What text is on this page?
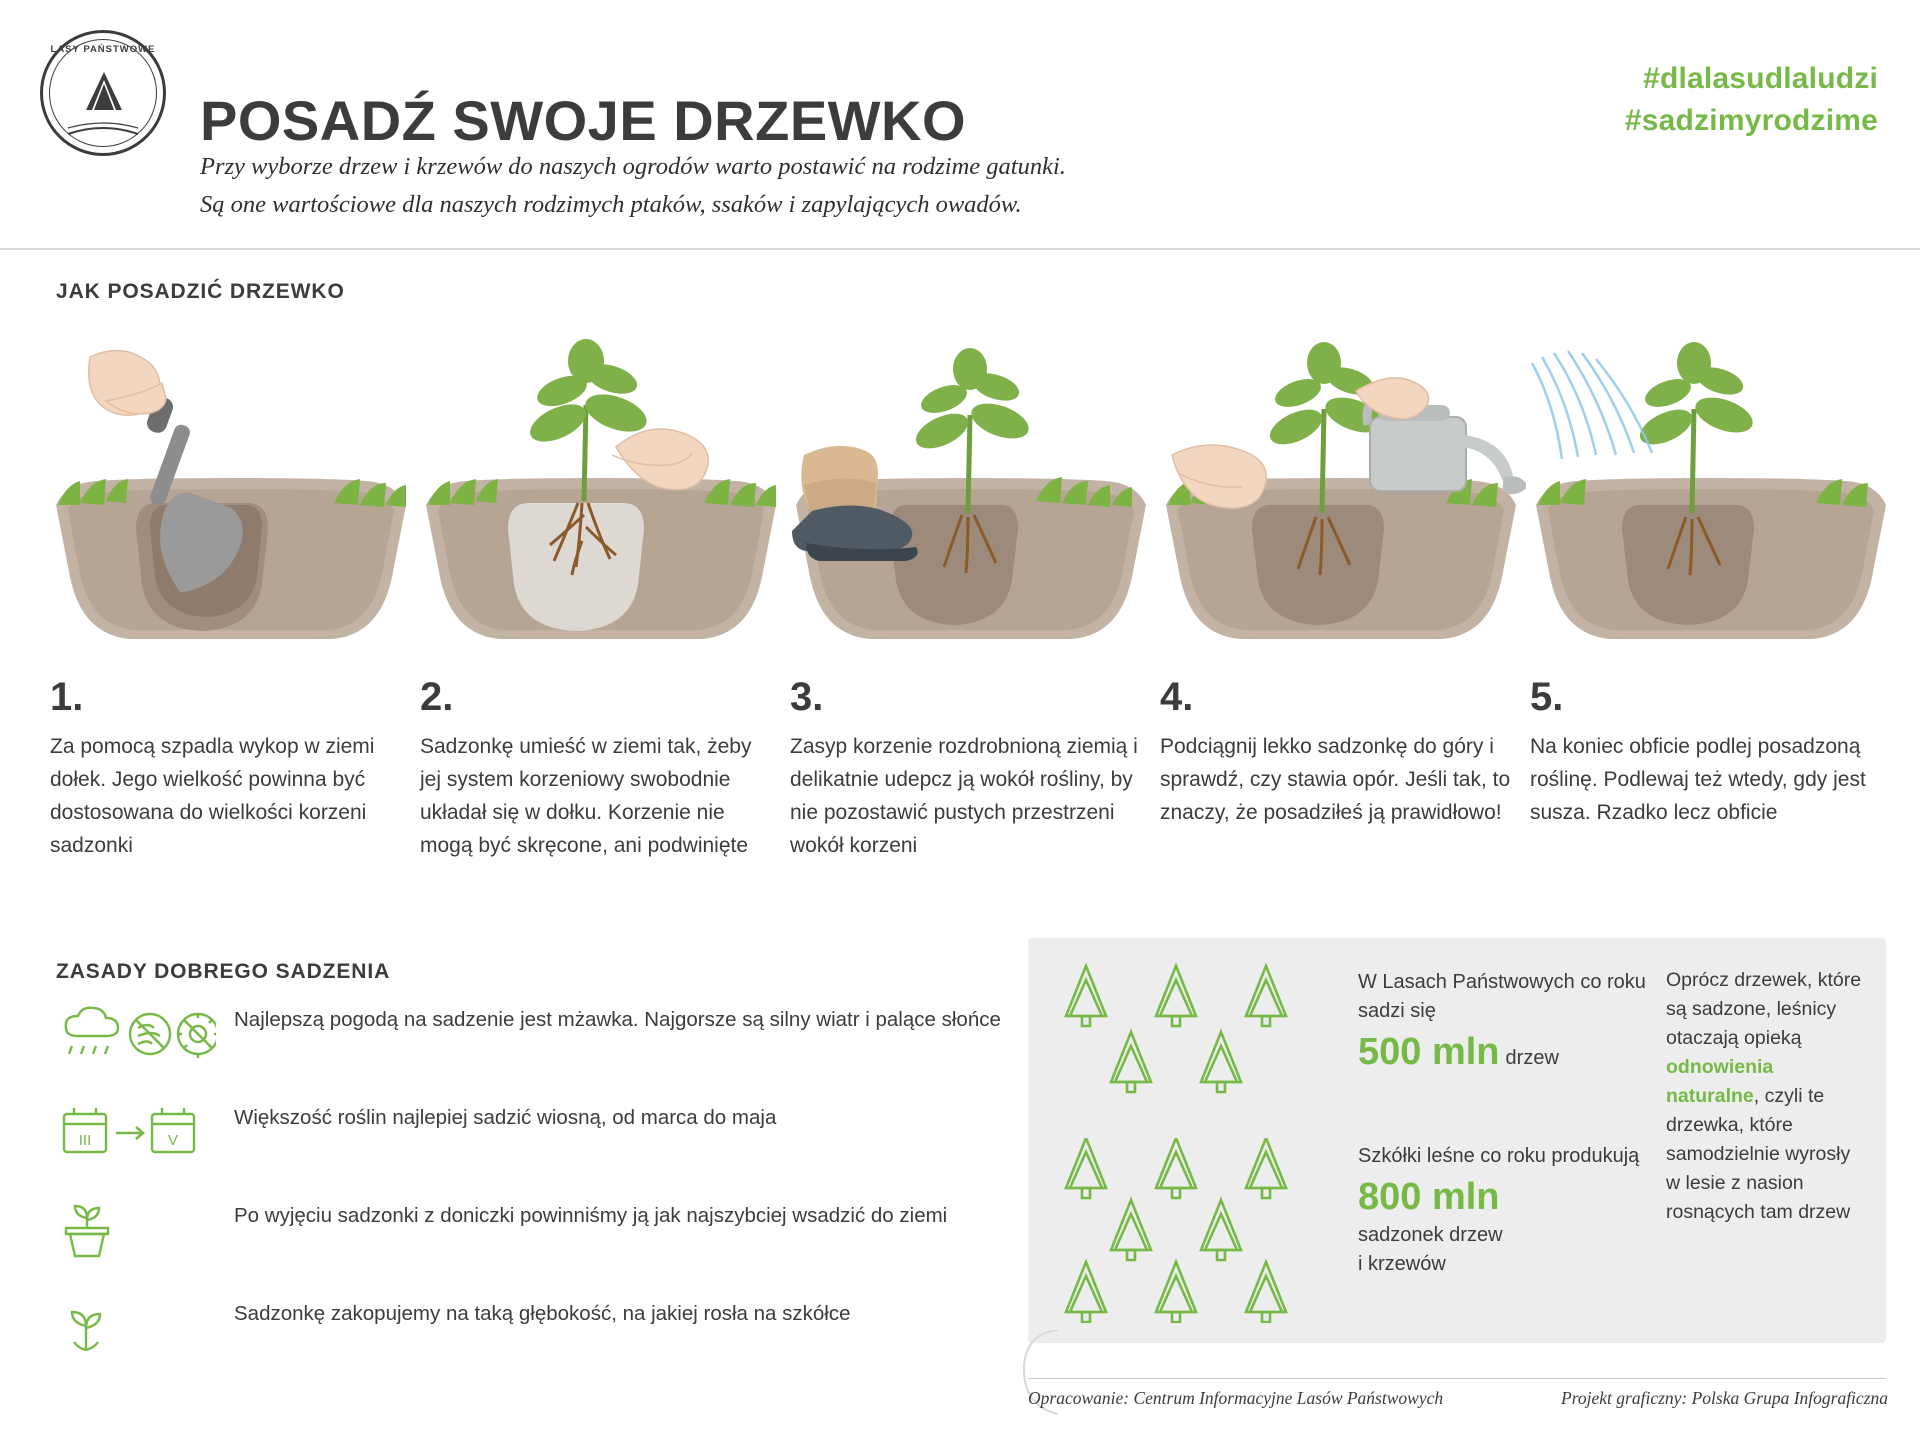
LASY PAŃSTWOWE
POSADŹ SWOJE DRZEWKO
Przy wyborze drzew i krzewów do naszych ogrodów warto postawić na rodzime gatunki.
Są one wartościowe dla naszych rodzimych ptaków, ssaków i zapylających owadów.
#dlalasudlaludzi
#sadzimyrodzime
JAK POSADZIĆ DRZEWKO
1.
Za pomocą szpadla wykop w ziemi dołek. Jego wielkość powinna być dostosowana do wielkości korzeni sadzonki
2.
Sadzonkę umieść w ziemi tak, żeby jej system korzeniowy swobodnie układał się w dołku. Korzenie nie mogą być skręcone, ani podwinięte
3.
Zasyp korzenie rozdrobnioną ziemią i delikatnie udepcz ją wokół rośliny, by nie pozostawić pustych przestrzeni wokół korzeni
4.
Podciągnij lekko sadzonkę do góry i sprawdź, czy stawia opór. Jeśli tak, to znaczy, że posadziłeś ją prawidłowo!
5.
Na koniec obficie podlej posadzoną roślinę. Podlewaj też wtedy, gdy jest susza. Rzadko lecz obficie
ZASADY DOBREGO SADZENIA
Najlepszą pogodą na sadzenie jest mżawka. Najgorsze są silny wiatr i palące słońce
III	V
Większość roślin najlepiej sadzić wiosną, od marca do maja
Po wyjęciu sadzonki z doniczki powinniśmy ją jak najszybciej wsadzić do ziemi
Sadzonkę zakopujemy na taką głębokość, na jakiej rosła na szkółce
W Lasach Państwowych co roku sadzi się
500 mln drzew
Szkółki leśne co roku produkują
800 mln
sadzonek drzew
i krzewów
Oprócz drzewek, które są sadzone, leśnicy otaczają opieką odnowienia naturalne, czyli te drzewka, które samodzielnie wyrosły w lesie z nasion rosnących tam drzew
Opracowanie: Centrum Informacyjne Lasów Państwowych	Projekt graficzny: Polska Grupa Infograficzna
